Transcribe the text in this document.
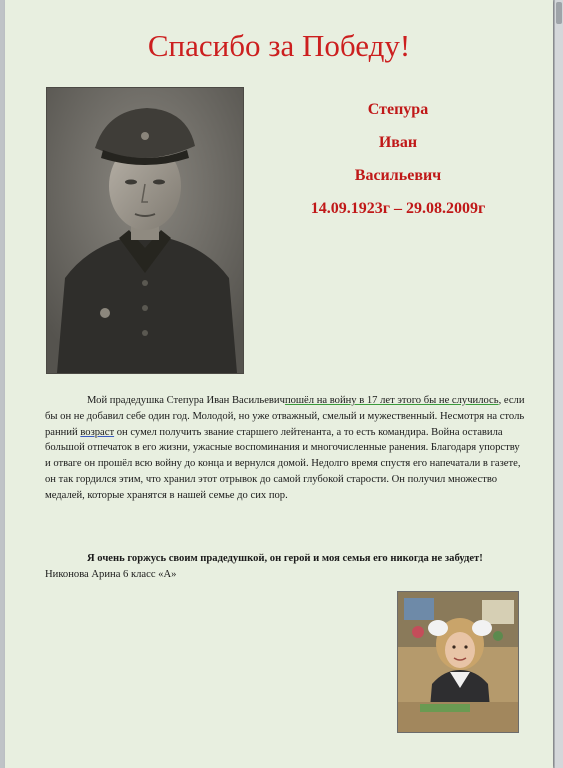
Спасибо за Победу!
Степура
Иван
Васильевич
14.09.1923г – 29.08.2009г
Мой прадедушка Степура Иван Васильевичпошёл на войну в 17 лет этого бы не случилось, если бы он не добавил себе один год. Молодой, но уже отважный, смелый и мужественный. Несмотря на столь ранний возраст он сумел получить звание старшего лейтенанта, а то есть командира. Война оставила большой отпечаток в его жизни, ужасные воспоминания и многочисленные ранения. Благодаря упорству и отваге он прошёл всю войну до конца и вернулся домой. Недолго время спустя его напечатали в газете, он так гордился этим, что хранил этот отрывок до самой глубокой старости. Он получил множество медалей, которые хранятся в нашей семье до сих пор.
Я очень горжусь своим прадедушкой, он герой и моя семья его никогда не забудет! Никонова Арина 6 класс «А»
